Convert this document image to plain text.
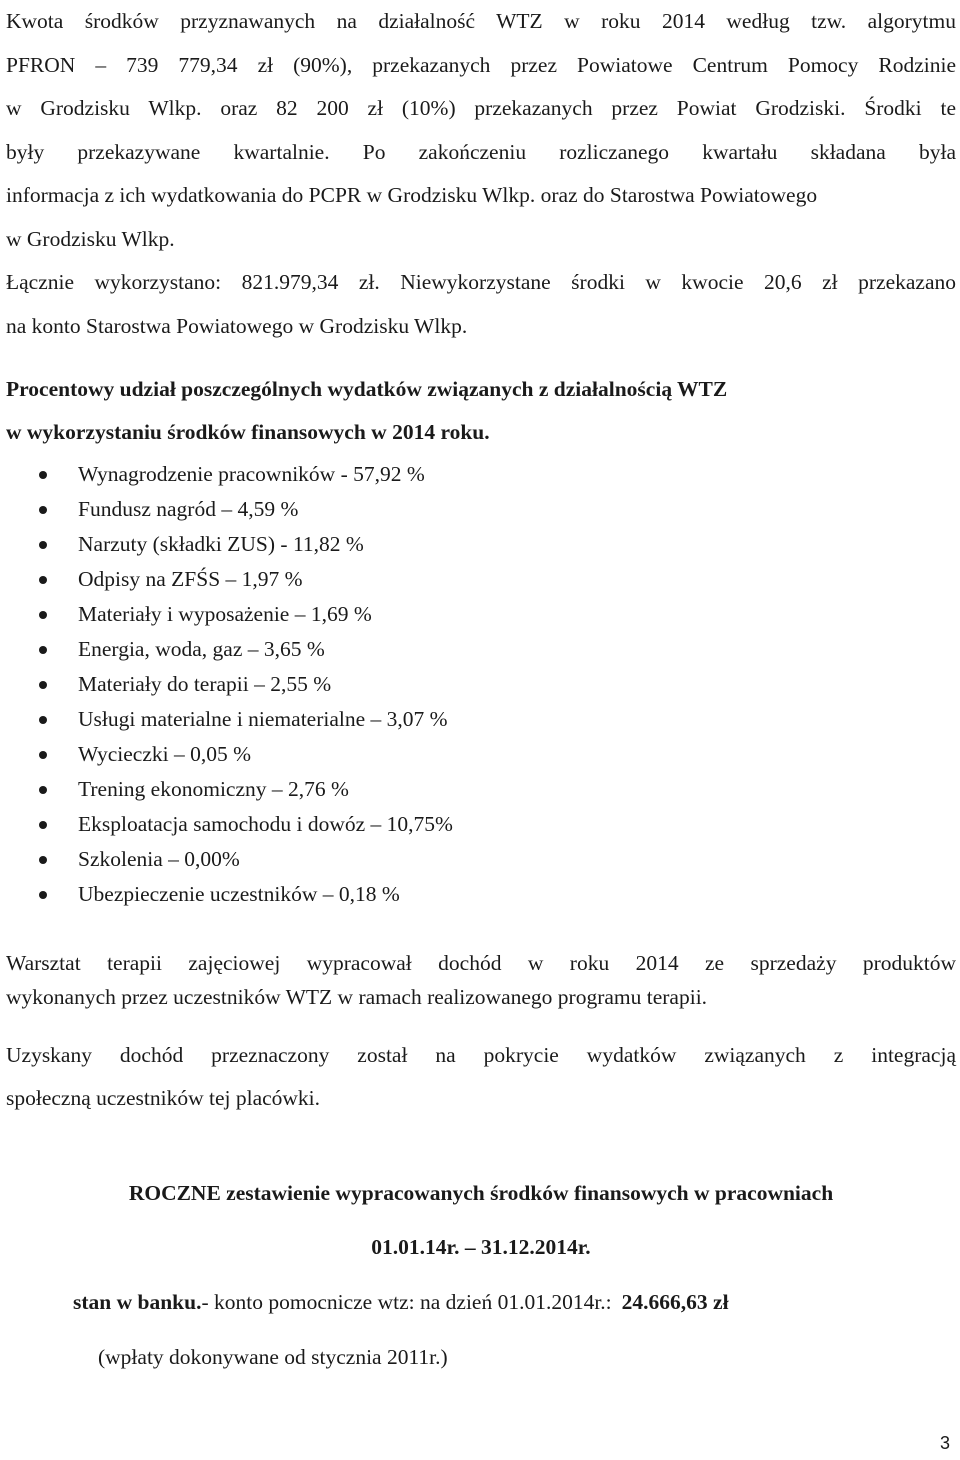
Kwota środków przyznawanych na działalność WTZ w roku 2014 według tzw. algorytmu
PFRON – 739 779,34 zł (90%), przekazanych przez Powiatowe Centrum Pomocy Rodzinie
w Grodzisku Wlkp. oraz 82 200 zł (10%) przekazanych przez Powiat Grodziski. Środki te
były przekazywane kwartalnie. Po zakończeniu rozliczanego kwartału składana była
informacja z ich wydatkowania do PCPR w Grodzisku Wlkp. oraz do Starostwa Powiatowego
w Grodzisku Wlkp.
Łącznie wykorzystano: 821.979,34 zł. Niewykorzystane środki w kwocie 20,6 zł przekazano
na konto Starostwa Powiatowego w Grodzisku Wlkp.

Procentowy udział poszczególnych wydatków związanych z działalnością WTZ
w wykorzystaniu środków finansowych w 2014 roku.
Wynagrodzenie pracowników - 57,92 %
Fundusz nagród – 4,59 %
Narzuty (składki ZUS) - 11,82 %
Odpisy na ZFŚS – 1,97 %
Materiały i wyposażenie – 1,69 %
Energia, woda, gaz – 3,65 %
Materiały do terapii – 2,55 %
Usługi materialne i niematerialne – 3,07 %
Wycieczki – 0,05 %
Trening ekonomiczny – 2,76 %
Eksploatacja samochodu i dowóz – 10,75%
Szkolenia – 0,00%
Ubezpieczenie uczestników – 0,18 %

Warsztat terapii zajęciowej wypracował dochód w roku 2014 ze sprzedaży produktów
wykonanych przez uczestników WTZ w ramach realizowanego programu terapii.

Uzyskany dochód przeznaczony został na pokrycie wydatków związanych z integracją
społeczną uczestników tej placówki.

ROCZNE zestawienie wypracowanych środków finansowych w pracowniach
01.01.14r. – 31.12.2014r.
stan w banku.- konto pomocnicze wtz: na dzień 01.01.2014r.: 24.666,63 zł
(wpłaty dokonywane od stycznia 2011r.)
3
